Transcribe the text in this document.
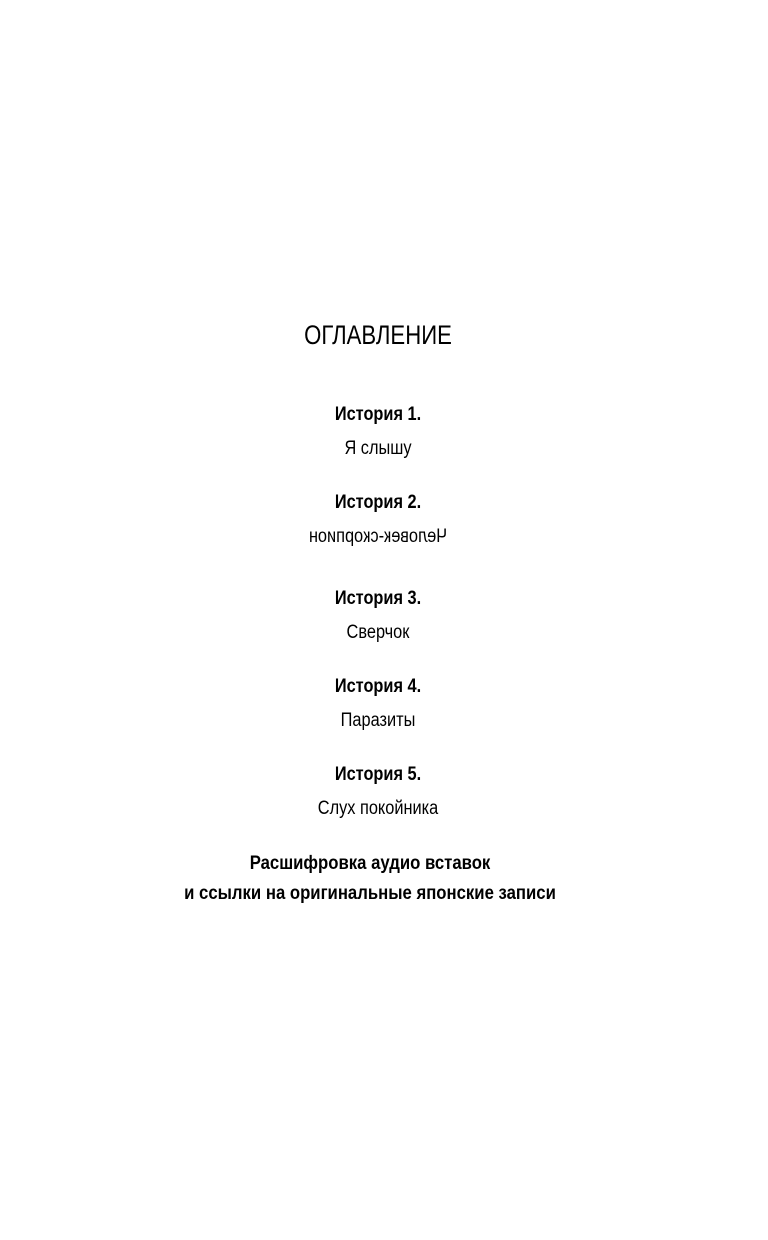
ОГЛАВЛЕНИЕ
История 1.
Я слышу
История 2.
Человек-скорпион
История 3.
Сверчок
История 4.
Паразиты
История 5.
Слух покойника
Расшифровка аудио вставок
и ссылки на оригинальные японские записи
